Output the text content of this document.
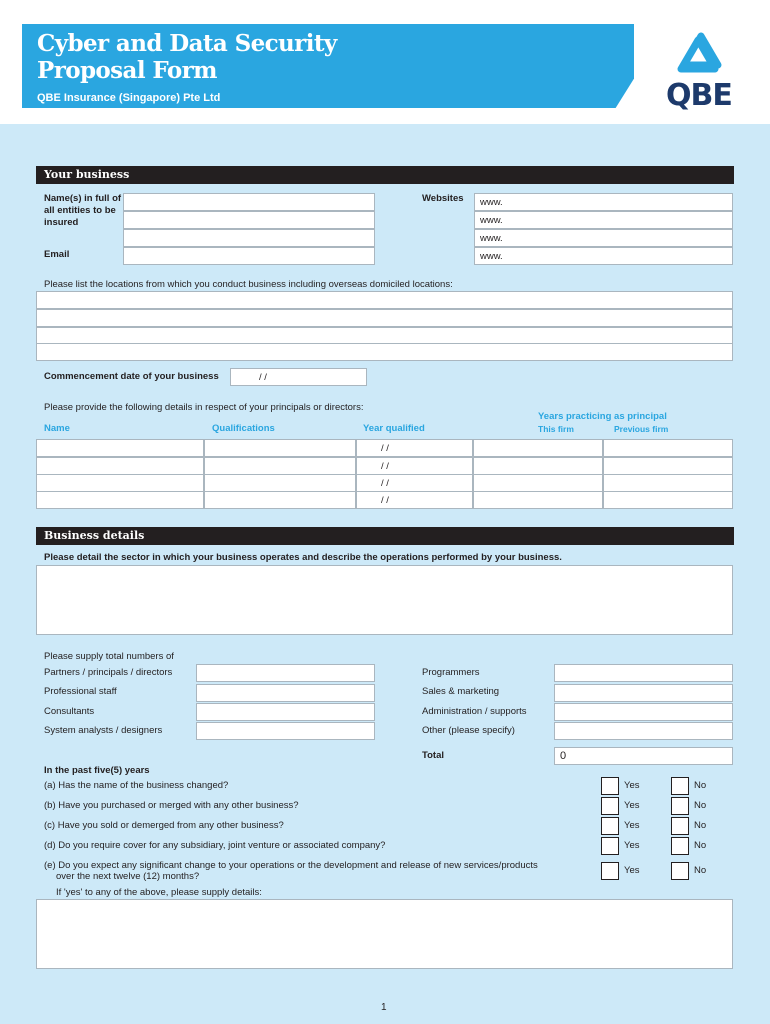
Cyber and Data Security
Proposal Form
QBE Insurance (Singapore) Pte Ltd	QBE
Your business
Name(s) in full of all entities to be insured
Email
Websites www.
www.
www.
www.
Please list the locations from which you conduct business including overseas domiciled locations:
Commencement date of your business	/ /
Please provide the following details in respect of your principals or directors:
Years practicing as principal
Name	Qualifications	Year qualified	This firm	Previous firm
/ /
/ /
/ /
/ /
Business details
Please detail the sector in which your business operates and describe the operations performed by your business.
Please supply total numbers of
Partners / principals / directors
Professional staff
Consultants
System analysts / designers
Programmers
Sales & marketing
Administration / supports
Other (please specify)
Total	0
In the past five(5) years
(a) Has the name of the business changed?	Yes	No
(b) Have you purchased or merged with any other business?	Yes	No
(c) Have you sold or demerged from any other business?	Yes	No
(d) Do you require cover for any subsidiary, joint venture or associated company?	Yes	No
(e) Do you expect any significant change to your operations or the development and release of new services/products	Yes	No
over the next twelve (12) months?
If 'yes' to any of the above, please supply details:
1
